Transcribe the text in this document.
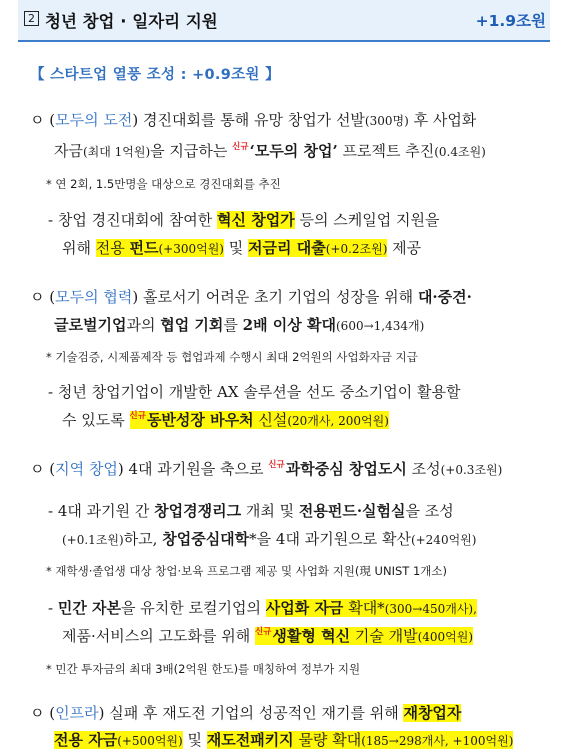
2 청년 창업 · 일자리 지원	+1.9조원
【 스타트업 열풍 조성 : +0.9조원 】
ㅇ (모두의 도전) 경진대회를 통해 유망 창업가 선발(300명) 후 사업화
자금(최대 1억원)을 지급하는 $^{신규}$‘모두의 창업’ 프로젝트 추진(0.4조원)
* 연 2회, 1.5만명을 대상으로 경진대회를 추진
- 창업 경진대회에 참여한 혁신 창업가 등의 스케일업 지원을
위해 전용 펀드(+300억원) 및 저금리 대출(+0.2조원) 제공
ㅇ (모두의 협력) 홀로서기 어려운 초기 기업의 성장을 위해 대·중견·
글로벌기업과의 협업 기회를 2배 이상 확대(600→1,434개)
* 기술검증, 시제품제작 등 협업과제 수행시 최대 2억원의 사업화자금 지급
- 청년 창업기업이 개발한 AX 솔루션을 선도 중소기업이 활용할
수 있도록 $^{신규}$동반성장 바우처 신설(20개사, 200억원)
ㅇ (지역 창업) 4대 과기원을 축으로 $^{신규}$과학중심 창업도시 조성(+0.3조원)
- 4대 과기원 간 창업경쟁리그 개최 및 전용펀드·실험실을 조성
(+0.1조원)하고, 창업중심대학*을 4대 과기원으로 확산(+240억원)
* 재학생·졸업생 대상 창업·보육 프로그램 제공 및 사업화 지원(現 UNIST 1개소)
- 민간 자본을 유치한 로컬기업의 사업화 자금 확대*(300→450개사),
제품·서비스의 고도화를 위해 $^{신규}$생활형 혁신 기술 개발(400억원)
* 민간 투자금의 최대 3배(2억원 한도)를 매칭하여 정부가 지원
ㅇ (인프라) 실패 후 재도전 기업의 성공적인 재기를 위해 재창업자
전용 자금(+500억원) 및 재도전패키지 물량 확대(185→298개사, +100억원)
